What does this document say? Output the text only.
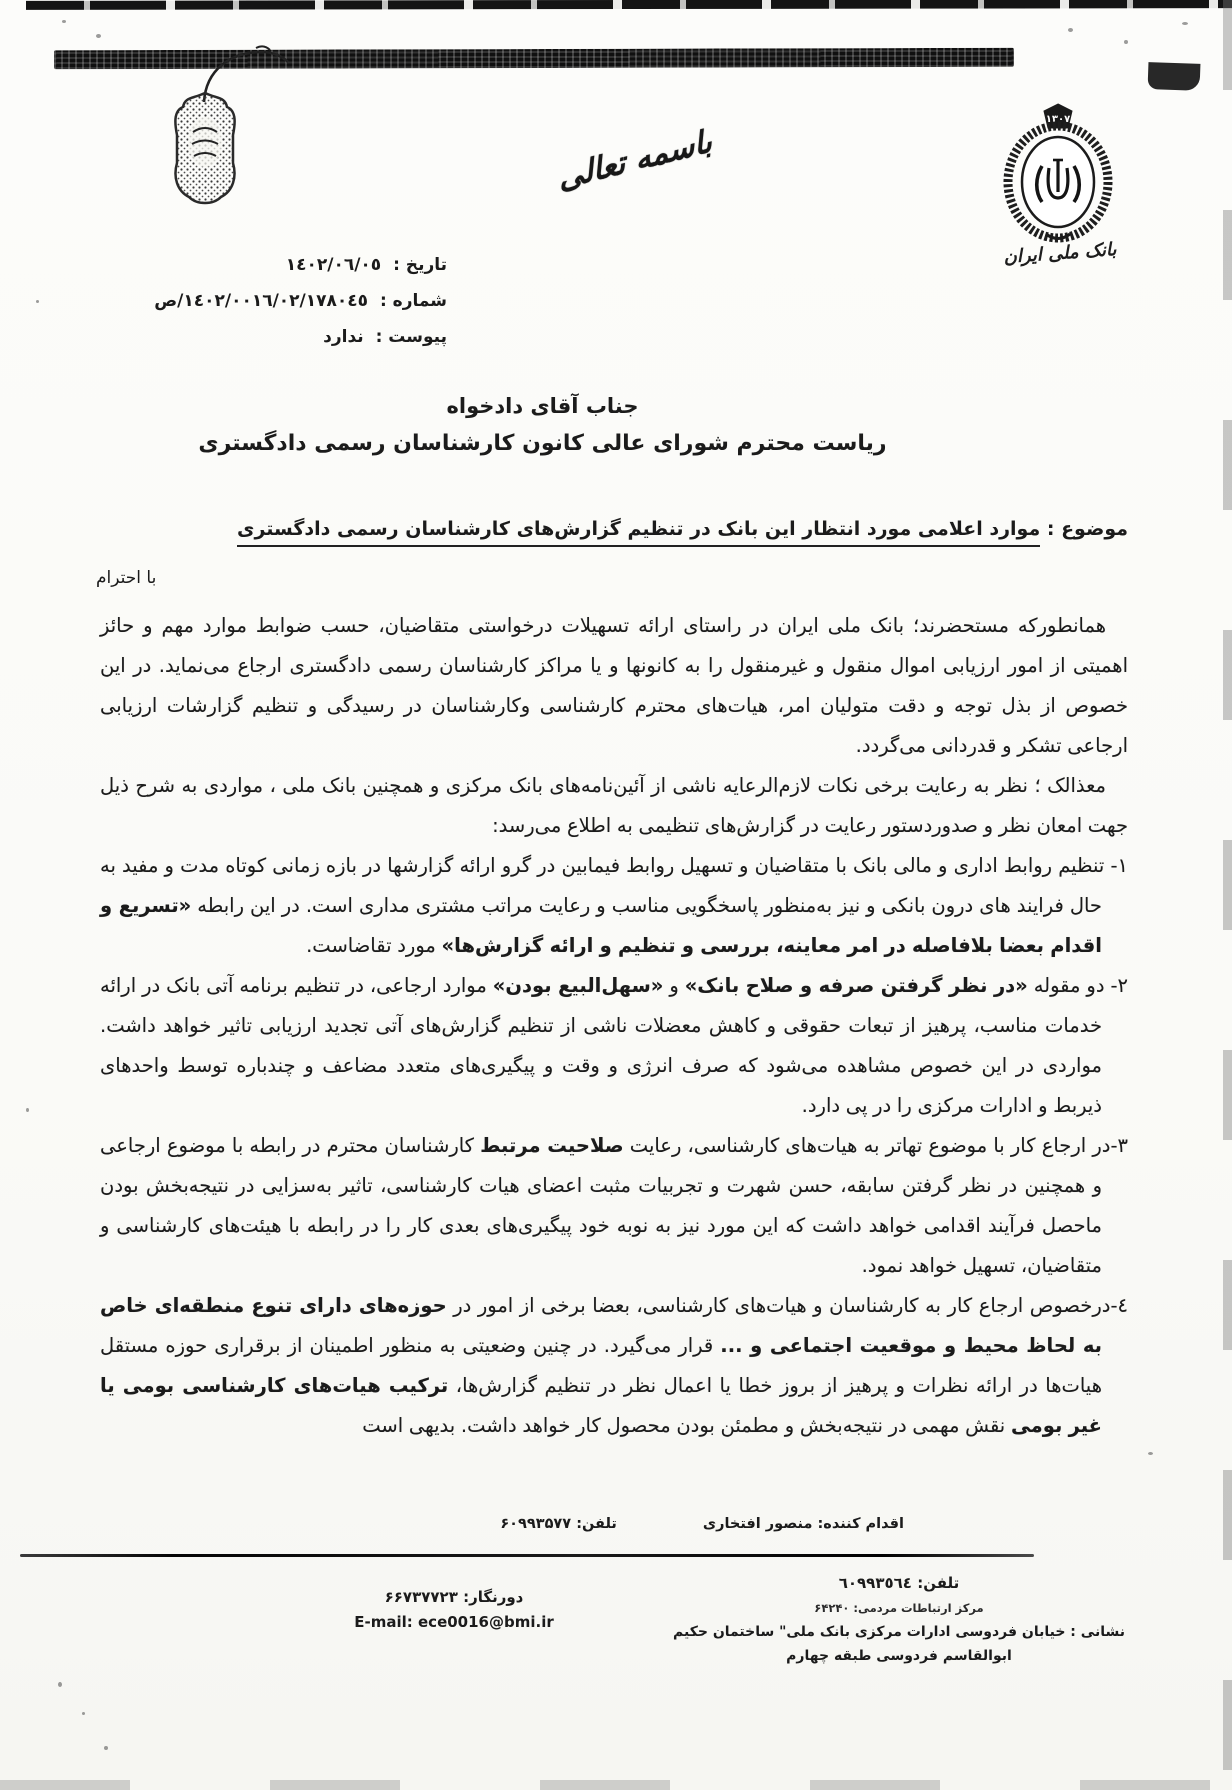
باسمه تعالی
۱۳۰۷
بانک ملی ایران
تاریخ : ١٤٠٢/٠٦/٠٥
شماره : ١٤٠٢/٠٠١٦/٠٢/١٧٨٠٤٥/ص
پیوست : ندارد
جناب آقای دادخواه
ریاست محترم شورای عالی کانون کارشناسان رسمی دادگستری
موضوع : موارد اعلامی مورد انتظار این بانک در تنظیم گزارش‌های کارشناسان رسمی دادگستری
با احترام

همانطورکه مستحضرند؛ بانک ملی ایران در راستای ارائه تسهیلات درخواستی متقاضیان، حسب ضوابط موارد مهم و حائز اهمیتی از امور ارزیابی اموال منقول و غیرمنقول را به کانونها و یا مراکز کارشناسان رسمی دادگستری ارجاع می‌نماید. در این خصوص از بذل توجه و دقت متولیان امر، هیات‌های محترم کارشناسی وکارشناسان در رسیدگی و تنظیم گزارشات ارزیابی ارجاعی تشکر و قدردانی می‌گردد.

معذالک ؛ نظر به رعایت برخی نکات لازم‌الرعایه ناشی از آئین‌نامه‌های بانک مرکزی و همچنین بانک ملی ، مواردی به شرح ذیل جهت امعان نظر و صدوردستور رعایت در گزارش‌های تنظیمی به اطلاع می‌رسد:

١- تنظیم روابط اداری و مالی بانک با متقاضیان و تسهیل روابط فیمابین در گرو ارائه گزارشها در بازه زمانی کوتاه مدت و مفید به حال فرایند های درون بانکی و نیز به‌منظور پاسخگویی مناسب و رعایت مراتب مشتری مداری است. در این رابطه «تسریع و اقدام بعضا بلافاصله در امر معاینه، بررسی و تنظیم و ارائه گزارش‌ها» مورد تقاضاست.

٢- دو مقوله «در نظر گرفتن صرفه و صلاح بانک» و «سهل‌البیع بودن» موارد ارجاعی، در تنظیم برنامه آتی بانک در ارائه خدمات مناسب، پرهیز از تبعات حقوقی و کاهش معضلات ناشی از تنظیم گزارش‌های آتی تجدید ارزیابی تاثیر خواهد داشت. مواردی در این خصوص مشاهده می‌شود که صرف انرژی و وقت و پیگیری‌های متعدد مضاعف و چندباره توسط واحدهای ذیربط و ادارات مرکزی را در پی دارد.

٣-در ارجاع کار با موضوع تهاتر به هیات‌های کارشناسی، رعایت صلاحیت مرتبط کارشناسان محترم در رابطه با موضوع ارجاعی و همچنین در نظر گرفتن سابقه، حسن شهرت و تجربیات مثبت اعضای هیات کارشناسی، تاثیر به‌سزایی در نتیجه‌بخش بودن ماحصل فرآیند اقدامی خواهد داشت که این مورد نیز به نوبه خود پیگیری‌های بعدی کار را در رابطه با هیئت‌های کارشناسی و متقاضیان، تسهیل خواهد نمود.

٤-درخصوص ارجاع کار به کارشناسان و هیات‌های کارشناسی، بعضا برخی از امور در حوزه‌های دارای تنوع منطقه‌ای خاص به لحاظ محیط و موقعیت اجتماعی و ... قرار می‌گیرد. در چنین وضعیتی به منظور اطمینان از برقراری حوزه مستقل هیات‌ها در ارائه نظرات و پرهیز از بروز خطا یا اعمال نظر در تنظیم گزارش‌ها، ترکیب هیات‌های کارشناسی بومی یا غیر بومی نقش مهمی در نتیجه‌بخش و مطمئن بودن محصول کار خواهد داشت. بدیهی است

اقدام کننده: منصور افتخاری
تلفن: ۶۰۹۹۳۵۷۷
تلفن: ٦٠٩٩٣٥٦٤
مرکز ارتباطات مردمی: ۶۴۲۴۰
نشانی : خیابان فردوسی ادارات مرکزی بانک ملی" ساختمان حکیم
ابوالقاسم فردوسی طبقه چهارم
دورنگار: ۶۶۷۳۷۷۲۳
E-mail: ece0016@bmi.ir
